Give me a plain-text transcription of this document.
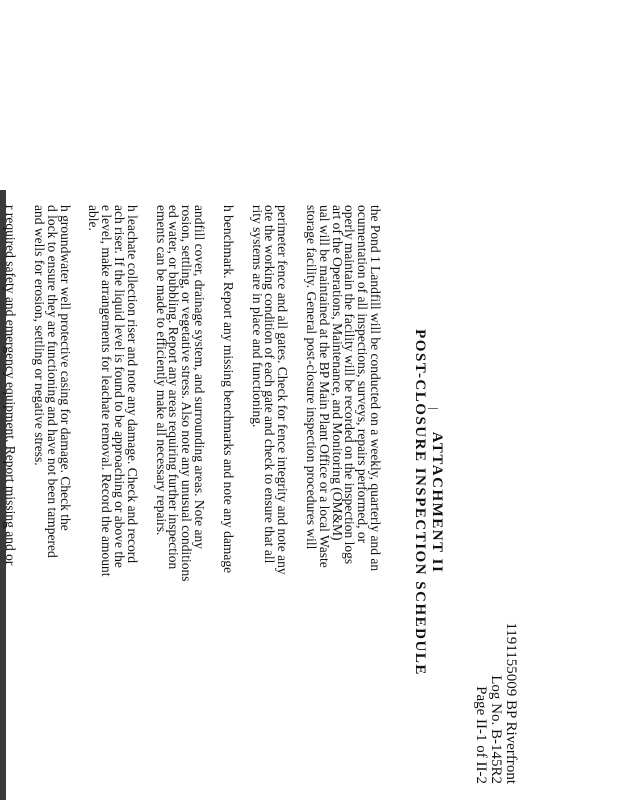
1191155009 BP Riverfront
Log No. B-145R2
Page II-1 of II-2
ATTACHMENT II
POST-CLOSURE INSPECTION SCHEDULE

the Pond 1 Landfill will be conducted on a weekly, quarterly and an

ocumentation of all inspections, surveys, repairs performed, or

operly maintain the facility will be recorded on the inspection logs

art of the Operations, Maintenance, and Monitoring (OM&M)

ual will be maintained at the BP Main Plant Office or a local Waste

storage facility. General post-closure inspection procedures will

perimeter fence and all gates. Check for fence integrity and note any

ote the working condition of each gate and check to ensure that all

rity systems are in place and functioning.

h benchmark. Report any missing benchmarks and note any damage

andfill cover, drainage system, and surrounding areas. Note any

rosion, settling, or vegetative stress. Also note any unusual conditions

ed water, or bubbling. Report any areas requiring further inspection

ements can be made to efficiently make all necessary repairs.

h leachate collection riser and note any damage. Check and record

ach riser. If the liquid level is found to be approaching or above the

e level, make arrangements for leachate removal. Record the amount

able.

h groundwater well protective casing for damage. Check the

d lock to ensure they are functioning and have not been tampered

and wells for erosion, settling or negative stress.

r required safety and emergency equipment. Report missing and or
